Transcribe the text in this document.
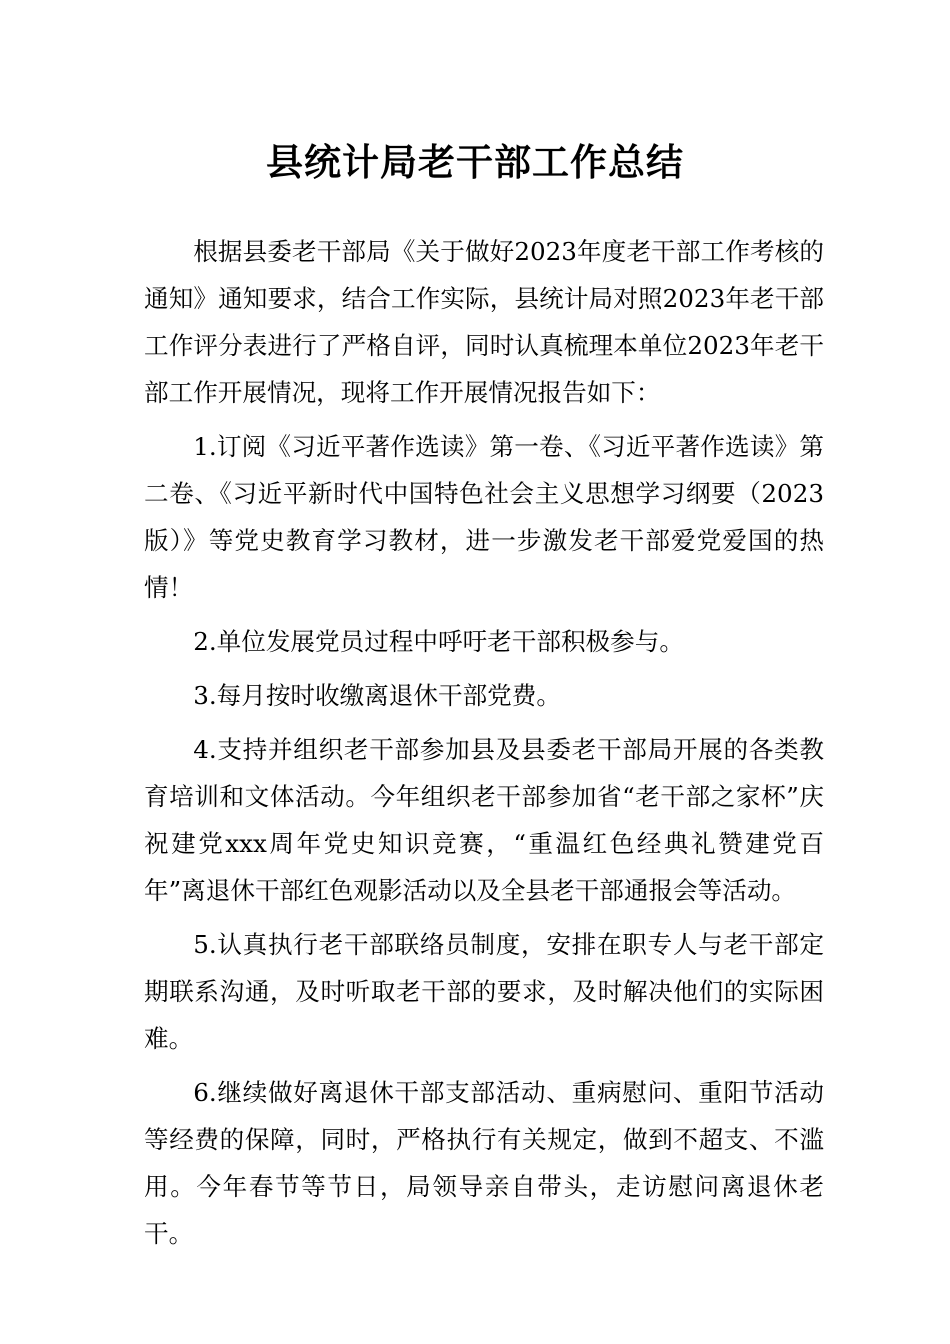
县统计局老干部工作总结

根据县委老干部局《关于做好2023年度老干部工作考核的通知》通知要求，结合工作实际，县统计局对照2023年老干部工作评分表进行了严格自评，同时认真梳理本单位2023年老干部工作开展情况，现将工作开展情况报告如下：

1.订阅《习近平著作选读》第一卷、《习近平著作选读》第二卷、《习近平新时代中国特色社会主义思想学习纲要（2023版）》等党史教育学习教材，进一步激发老干部爱党爱国的热情！

2.单位发展党员过程中呼吁老干部积极参与。

3.每月按时收缴离退休干部党费。

4.支持并组织老干部参加县及县委老干部局开展的各类教育培训和文体活动。今年组织老干部参加省“老干部之家杯”庆祝建党xxx周年党史知识竞赛，“重温红色经典礼赞建党百年”离退休干部红色观影活动以及全县老干部通报会等活动。

5.认真执行老干部联络员制度，安排在职专人与老干部定期联系沟通，及时听取老干部的要求，及时解决他们的实际困难。

6.继续做好离退休干部支部活动、重病慰问、重阳节活动等经费的保障，同时，严格执行有关规定，做到不超支、不滥用。今年春节等节日，局领导亲自带头，走访慰问离退休老干。
